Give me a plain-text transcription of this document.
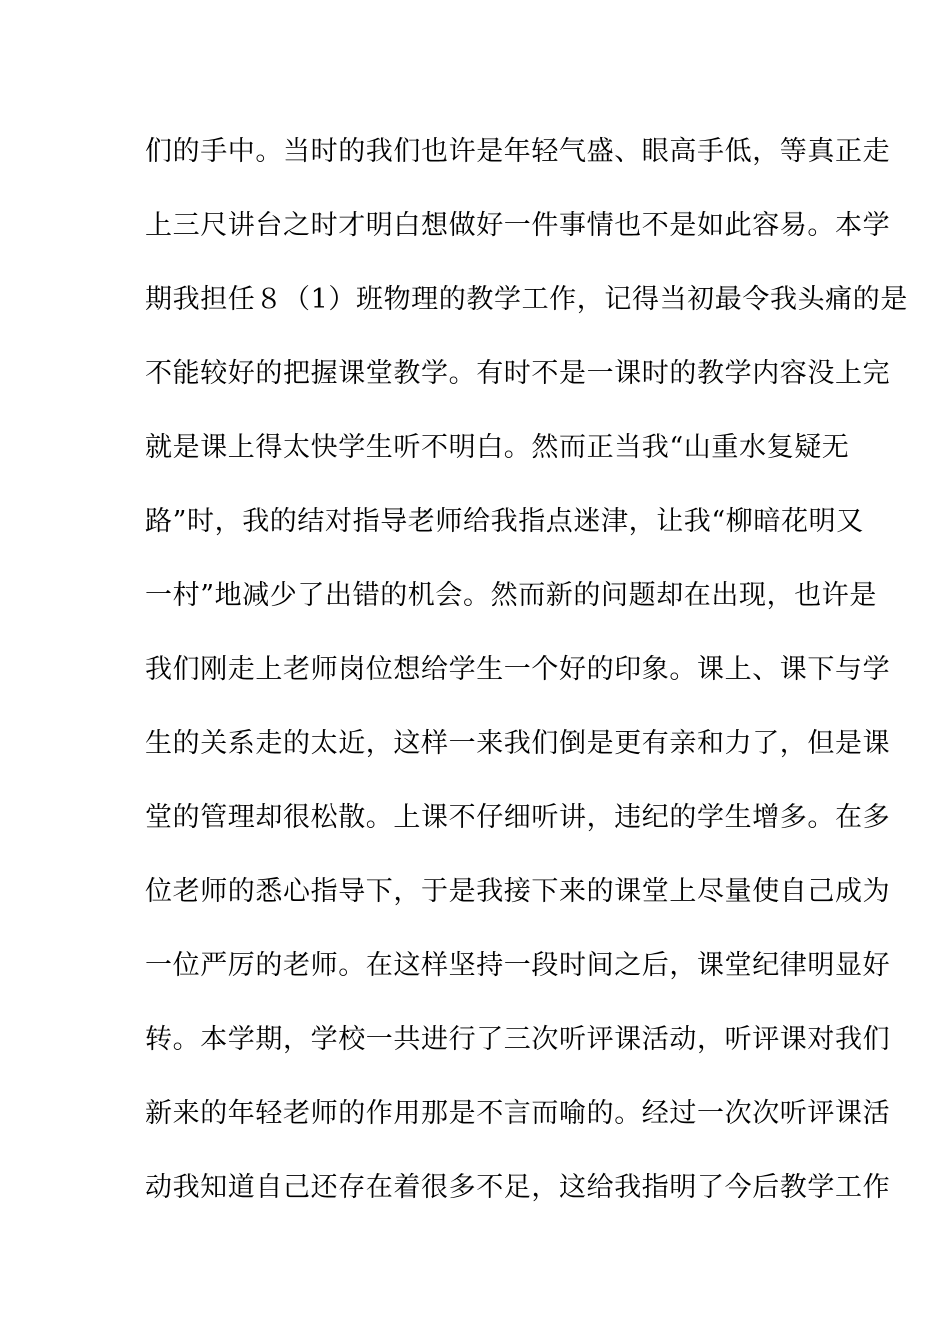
们的手中。当时的我们也许是年轻气盛、眼高手低，等真正走
上三尺讲台之时才明白想做好一件事情也不是如此容易。本学
期我担任８（1）班物理的教学工作，记得当初最令我头痛的是
不能较好的把握课堂教学。有时不是一课时的教学内容没上完
就是课上得太快学生听不明白。然而正当我“山重水复疑无
路”时，我的结对指导老师给我指点迷津，让我“柳暗花明又
一村”地减少了出错的机会。然而新的问题却在出现，也许是
我们刚走上老师岗位想给学生一个好的印象。课上、课下与学
生的关系走的太近，这样一来我们倒是更有亲和力了，但是课
堂的管理却很松散。上课不仔细听讲，违纪的学生增多。在多
位老师的悉心指导下，于是我接下来的课堂上尽量使自己成为
一位严厉的老师。在这样坚持一段时间之后，课堂纪律明显好
转。本学期，学校一共进行了三次听评课活动，听评课对我们
新来的年轻老师的作用那是不言而喻的。经过一次次听评课活
动我知道自己还存在着很多不足，这给我指明了今后教学工作
